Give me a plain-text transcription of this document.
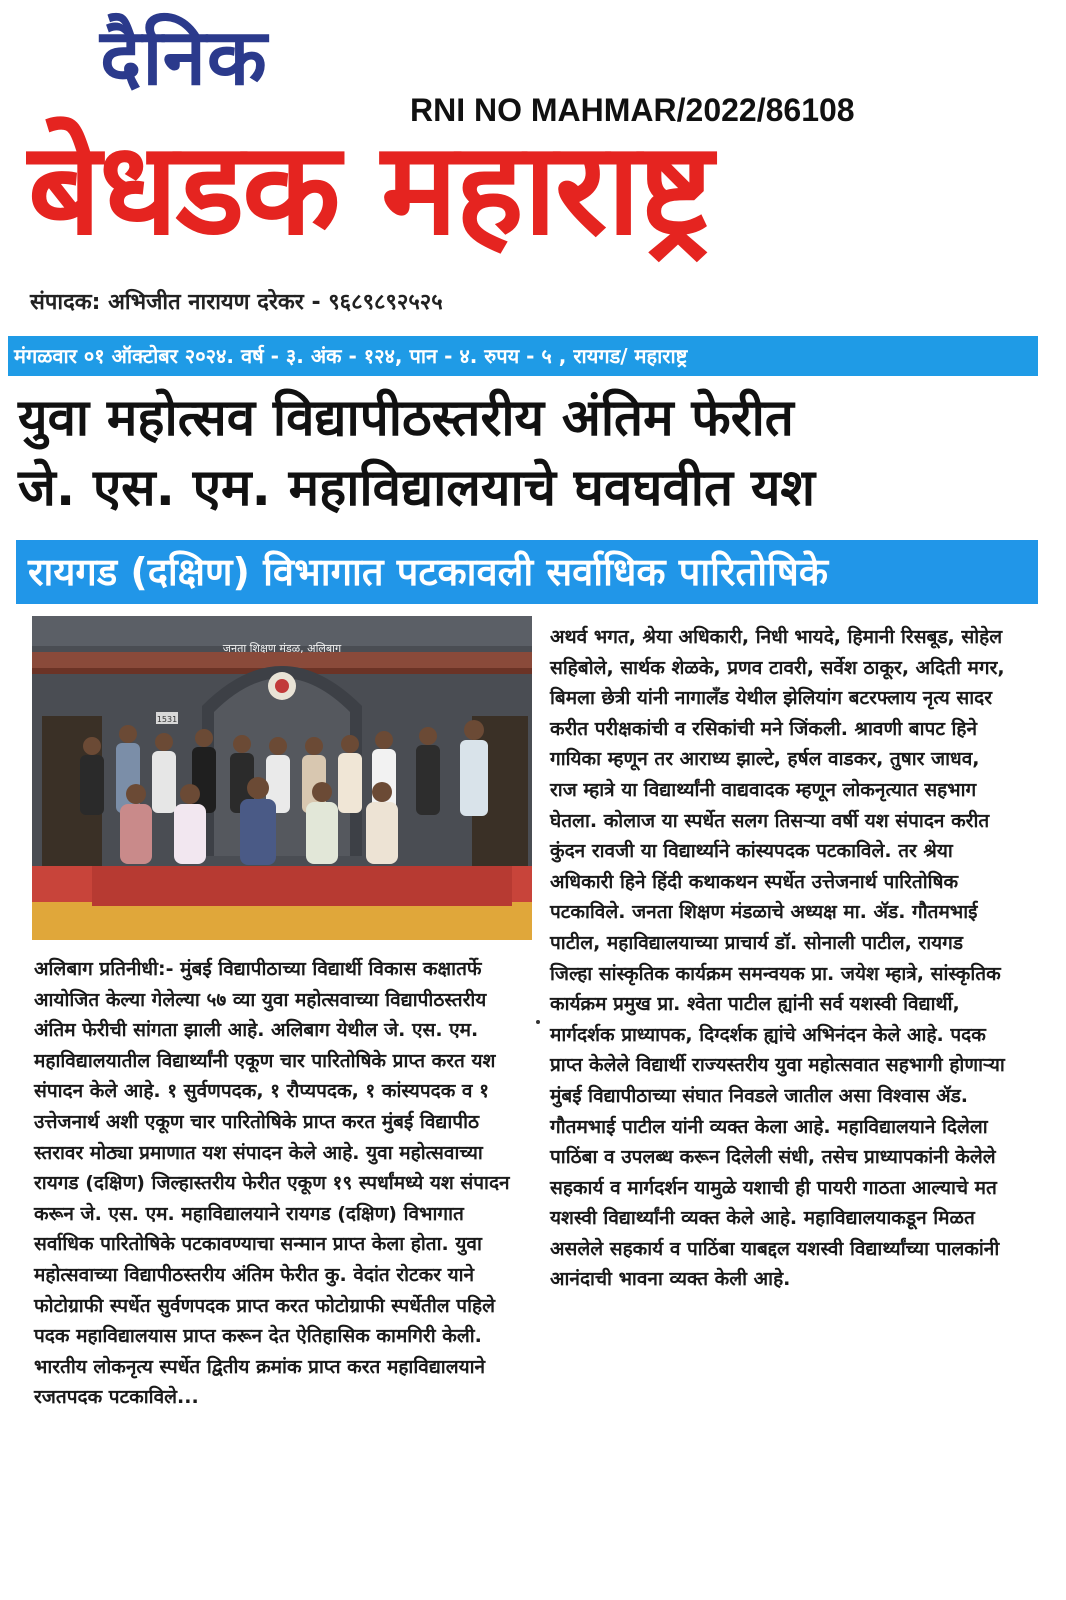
दैनिक
RNI NO MAHMAR/2022/86108
बेधडक महाराष्ट्र
संपादक: अभिजीत नारायण दरेकर - ९६८९८९२५२५
मंगळवार ०१ ऑक्टोबर २०२४. वर्ष - ३. अंक - १२४, पान - ४. रुपय - ५ , रायगड/ महाराष्ट्र
युवा महोत्सव विद्यापीठस्तरीय अंतिम फेरीत
जे. एस. एम. महाविद्यालयाचे घवघवीत यश
रायगड (दक्षिण) विभागात पटकावली सर्वाधिक पारितोषिके
जनता शिक्षण मंडळ, अलिबाग
1531
अलिबाग प्रतिनीधी:- मुंबई विद्यापीठाच्या विद्यार्थी विकास कक्षातर्फे आयोजित केल्या गेलेल्या ५७ व्या युवा महोत्सवाच्या विद्यापीठस्तरीय अंतिम फेरीची सांगता झाली आहे. अलिबाग येथील जे. एस. एम. महाविद्यालयातील विद्यार्थ्यांनी एकूण चार पारितोषिके प्राप्त करत यश संपादन केले आहे. १ सुर्वणपदक, १ रौप्यपदक, १ कांस्यपदक व १ उत्तेजनार्थ अशी एकूण चार पारितोषिके प्राप्त करत मुंबई विद्यापीठ स्तरावर मोठ्या प्रमाणात यश संपादन केले आहे. युवा महोत्सवाच्या रायगड (दक्षिण) जिल्हास्तरीय फेरीत एकूण १९ स्पर्धांमध्ये यश संपादन करून जे. एस. एम. महाविद्यालयाने रायगड (दक्षिण) विभागात सर्वाधिक पारितोषिके पटकावण्याचा सन्मान प्राप्त केला होता. युवा महोत्सवाच्या विद्यापीठस्तरीय अंतिम फेरीत कु. वेदांत रोटकर याने फोटोग्राफी स्पर्धेत सुर्वणपदक प्राप्त करत फोटोग्राफी स्पर्धेतील पहिले पदक महाविद्यालयास प्राप्त करून देत ऐतिहासिक कामगिरी केली. भारतीय लोकनृत्य स्पर्धेत द्वितीय क्रमांक प्राप्त करत महाविद्यालयाने रजतपदक पटकाविले...
अथर्व भगत, श्रेया अधिकारी, निधी भायदे, हिमानी रिसबूड, सोहेल सहिबोले, सार्थक शेळके, प्रणव टावरी, सर्वेश ठाकूर, अदिती मगर, बिमला छेत्री यांनी नागालँड येथील झेलियांग बटरफ्लाय नृत्य सादर करीत परीक्षकांची व रसिकांची मने जिंकली. श्रावणी बापट हिने गायिका म्हणून तर आराध्य झाल्टे, हर्षल वाडकर, तुषार जाधव, राज म्हात्रे या विद्यार्थ्यांनी वाद्यवादक म्हणून लोकनृत्यात सहभाग घेतला. कोलाज या स्पर्धेत सलग तिसऱ्या वर्षी यश संपादन करीत कुंदन रावजी या विद्यार्थ्याने कांस्यपदक पटकाविले. तर श्रेया अधिकारी हिने हिंदी कथाकथन स्पर्धेत उत्तेजनार्थ पारितोषिक पटकाविले. जनता शिक्षण मंडळाचे अध्यक्ष मा. ॲड. गौतमभाई पाटील, महाविद्यालयाच्या प्राचार्य डॉ. सोनाली पाटील, रायगड जिल्हा सांस्कृतिक कार्यक्रम समन्वयक प्रा. जयेश म्हात्रे, सांस्कृतिक कार्यक्रम प्रमुख प्रा. श्वेता पाटील ह्यांनी सर्व यशस्वी विद्यार्थी, मार्गदर्शक प्राध्यापक, दिग्दर्शक ह्यांचे अभिनंदन केले आहे. पदक प्राप्त केलेले विद्यार्थी राज्यस्तरीय युवा महोत्सवात सहभागी होणाऱ्या मुंबई विद्यापीठाच्या संघात निवडले जातील असा विश्वास ॲड. गौतमभाई पाटील यांनी व्यक्त केला आहे. महाविद्यालयाने दिलेला पाठिंबा व उपलब्ध करून दिलेली संधी, तसेच प्राध्यापकांनी केलेले सहकार्य व मार्गदर्शन यामुळे यशाची ही पायरी गाठता आल्याचे मत यशस्वी विद्यार्थ्यांनी व्यक्त केले आहे. महाविद्यालयाकडून मिळत असलेले सहकार्य व पाठिंबा याबद्दल यशस्वी विद्यार्थ्यांच्या पालकांनी आनंदाची भावना व्यक्त केली आहे.
